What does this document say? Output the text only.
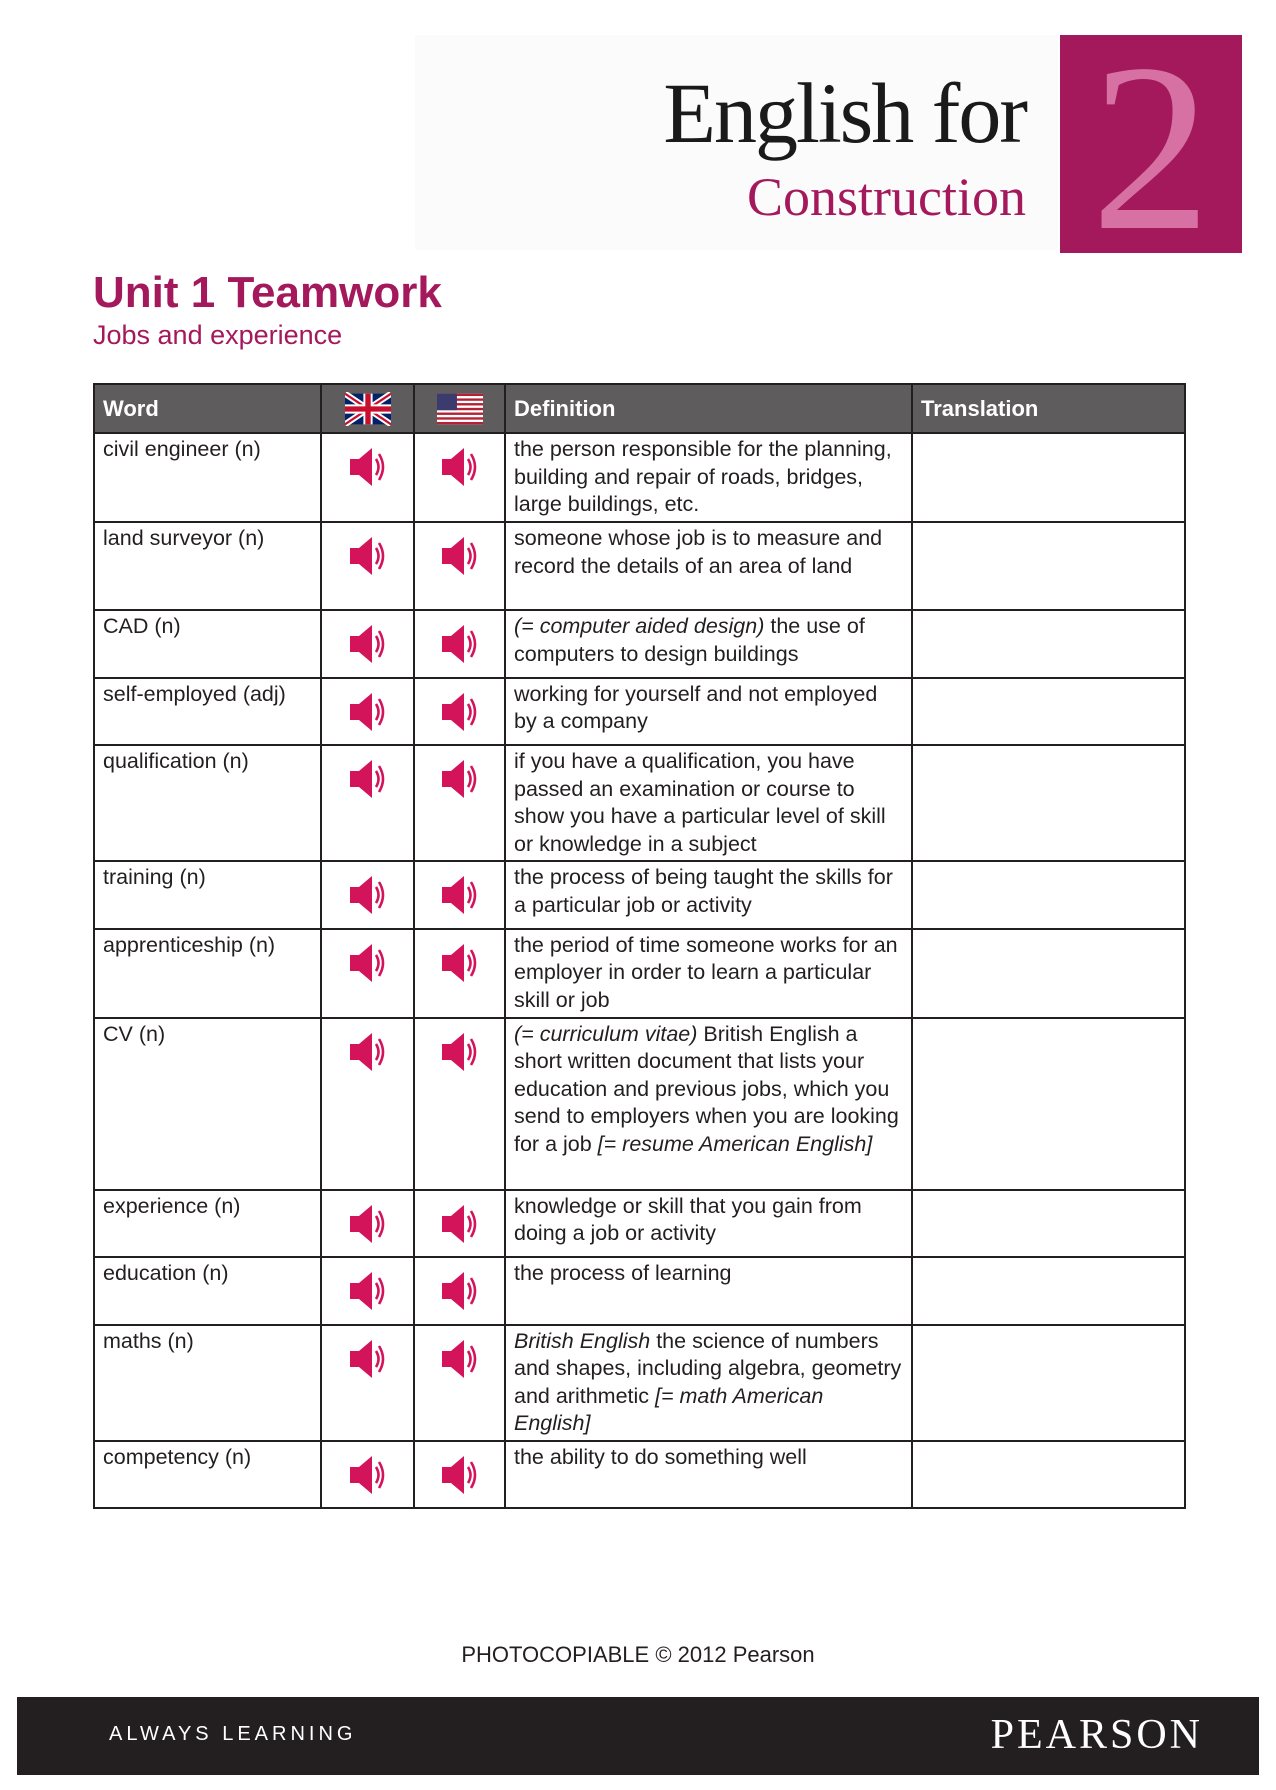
English for
Construction 2
Unit 1 Teamwork
Jobs and experience
Word			Definition	Translation
civil engineer (n)			the person responsible for the planning, building and repair of roads, bridges, large buildings, etc.	
land surveyor (n)			someone whose job is to measure and record the details of an area of land	
CAD (n)			(= computer aided design) the use of computers to design buildings	
self-employed (adj)			working for yourself and not employed by a company	
qualification (n)			if you have a qualification, you have passed an examination or course to show you have a particular level of skill or knowledge in a subject	
training (n)			the process of being taught the skills for a particular job or activity	
apprenticeship (n)			the period of time someone works for an employer in order to learn a particular skill or job	
CV (n)			(= curriculum vitae) British English a short written document that lists your education and previous jobs, which you send to employers when you are looking for a job [= resume American English]	
experience (n)			knowledge or skill that you gain from doing a job or activity	
education (n)			the process of learning	
maths (n)			British English the science of numbers and shapes, including algebra, geometry and arithmetic [= math American English]	
competency (n)			the ability to do something well	
PHOTOCOPIABLE © 2012 Pearson
ALWAYS LEARNING	PEARSON
